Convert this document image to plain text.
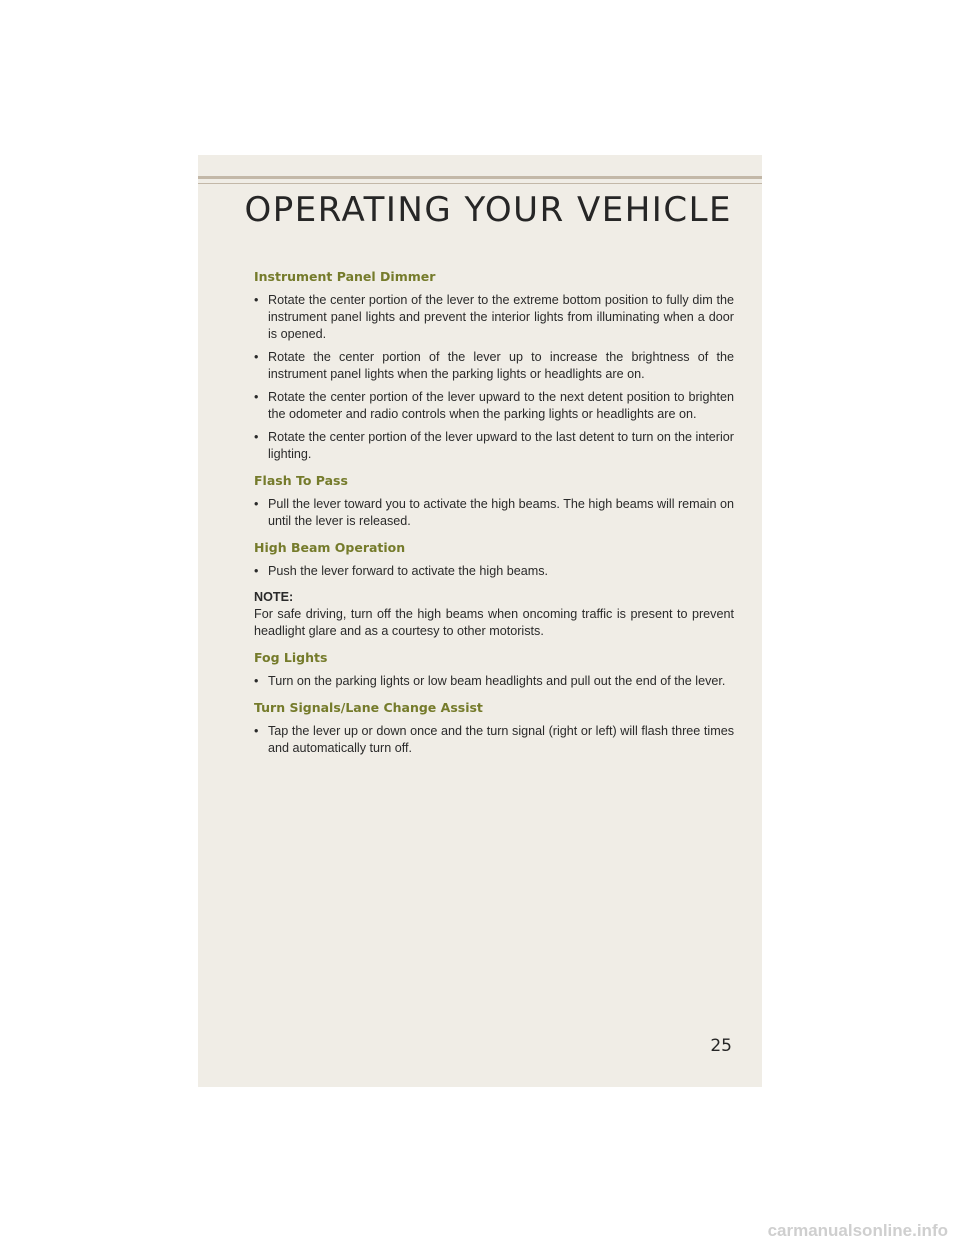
OPERATING YOUR VEHICLE
Instrument Panel Dimmer
• Rotate the center portion of the lever to the extreme bottom position to fully dim the instrument panel lights and prevent the interior lights from illuminating when a door is opened.
• Rotate the center portion of the lever up to increase the brightness of the instrument panel lights when the parking lights or headlights are on.
• Rotate the center portion of the lever upward to the next detent position to brighten the odometer and radio controls when the parking lights or headlights are on.
• Rotate the center portion of the lever upward to the last detent to turn on the interior lighting.
Flash To Pass
• Pull the lever toward you to activate the high beams. The high beams will remain on until the lever is released.
High Beam Operation
• Push the lever forward to activate the high beams.

NOTE:

For safe driving, turn off the high beams when oncoming traffic is present to prevent headlight glare and as a courtesy to other motorists.

Fog Lights
• Turn on the parking lights or low beam headlights and pull out the end of the lever.
Turn Signals/Lane Change Assist
• Tap the lever up or down once and the turn signal (right or left) will flash three times and automatically turn off.
25
carmanualsonline.info
